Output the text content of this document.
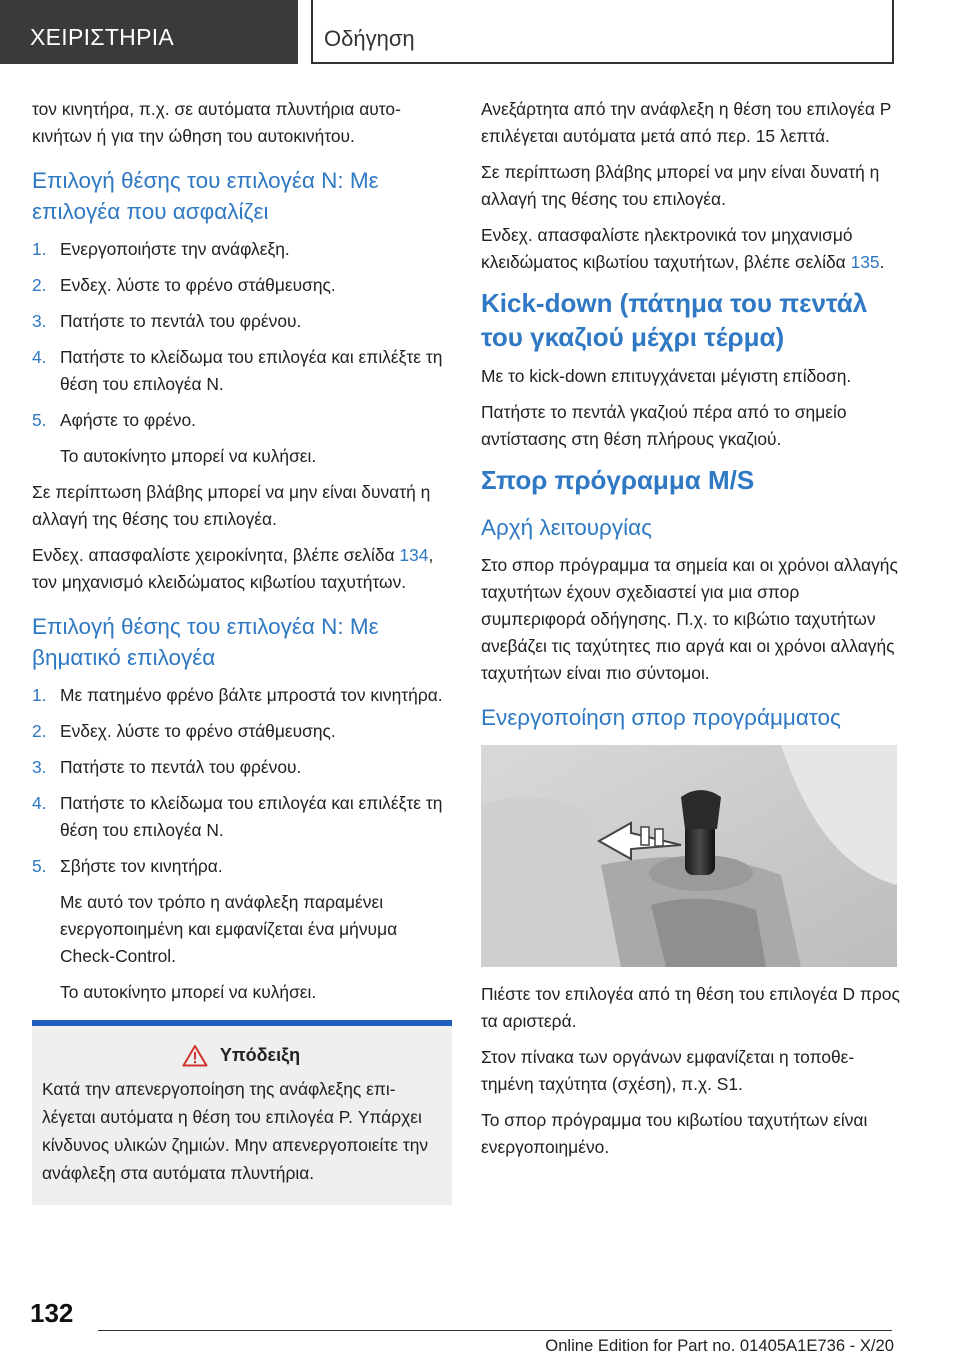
ΧΕΙΡΙΣΤΗΡΙΑ	Οδήγηση

τον κινητήρα, π.χ. σε αυτόματα πλυντήρια αυτοκινήτων ή για την ώθηση του αυτοκινήτου.

Επιλογή θέσης του επιλογέα N: Με επιλογέα που ασφαλίζει
1. Ενεργοποιήστε την ανάφλεξη.
2. Ενδεχ. λύστε το φρένο στάθμευσης.
3. Πατήστε το πεντάλ του φρένου.
4. Πατήστε το κλείδωμα του επιλογέα και επιλέξτε τη θέση του επιλογέα N.
5. Αφήστε το φρένο.

Το αυτοκίνητο μπορεί να κυλήσει.

Σε περίπτωση βλάβης μπορεί να μην είναι δυνατή η αλλαγή της θέσης του επιλογέα.

Ενδεχ. απασφαλίστε χειροκίνητα, βλέπε σελίδα 134, τον μηχανισμό κλειδώματος κιβωτίου ταχυτήτων.

Επιλογή θέσης του επιλογέα N: Με βηματικό επιλογέα
1. Με πατημένο φρένο βάλτε μπροστά τον κινητήρα.
2. Ενδεχ. λύστε το φρένο στάθμευσης.
3. Πατήστε το πεντάλ του φρένου.
4. Πατήστε το κλείδωμα του επιλογέα και επιλέξτε τη θέση του επιλογέα N.
5. Σβήστε τον κινητήρα.

Με αυτό τον τρόπο η ανάφλεξη παραμένει ενεργοποιημένη και εμφανίζεται ένα μήνυμα Check-Control.

Το αυτοκίνητο μπορεί να κυλήσει.

Υπόδειξη

Κατά την απενεργοποίηση της ανάφλεξης επιλέγεται αυτόματα η θέση του επιλογέα P. Υπάρχει κίνδυνος υλικών ζημιών. Μην απενεργοποιείτε την ανάφλεξη στα αυτόματα πλυντήρια.

Ανεξάρτητα από την ανάφλεξη η θέση του επιλογέα P επιλέγεται αυτόματα μετά από περ. 15 λεπτά.

Σε περίπτωση βλάβης μπορεί να μην είναι δυνατή η αλλαγή της θέσης του επιλογέα.

Ενδεχ. απασφαλίστε ηλεκτρονικά τον μηχανισμό κλειδώματος κιβωτίου ταχυτήτων, βλέπε σελίδα 135.

Kick-down (πάτημα του πεντάλ του γκαζιού μέχρι τέρμα)

Με το kick-down επιτυγχάνεται μέγιστη επίδοση.

Πατήστε το πεντάλ γκαζιού πέρα από το σημείο αντίστασης στη θέση πλήρους γκαζιού.

Σπορ πρόγραμμα M/S
Αρχή λειτουργίας

Στο σπορ πρόγραμμα τα σημεία και οι χρόνοι αλλαγής ταχυτήτων έχουν σχεδιαστεί για μια σπορ συμπεριφορά οδήγησης. Π.χ. το κιβώτιο ταχυτήτων ανεβάζει τις ταχύτητες πιο αργά και οι χρόνοι αλλαγής ταχυτήτων είναι πιο σύντομοι.

Ενεργοποίηση σπορ προγράμματος

Πιέστε τον επιλογέα από τη θέση του επιλογέα D προς τα αριστερά.

Στον πίνακα των οργάνων εμφανίζεται η τοποθετημένη ταχύτητα (σχέση), π.χ. S1.

Το σπορ πρόγραμμα του κιβωτίου ταχυτήτων είναι ενεργοποιημένο.

132
Online Edition for Part no. 01405A1E736 - X/20
